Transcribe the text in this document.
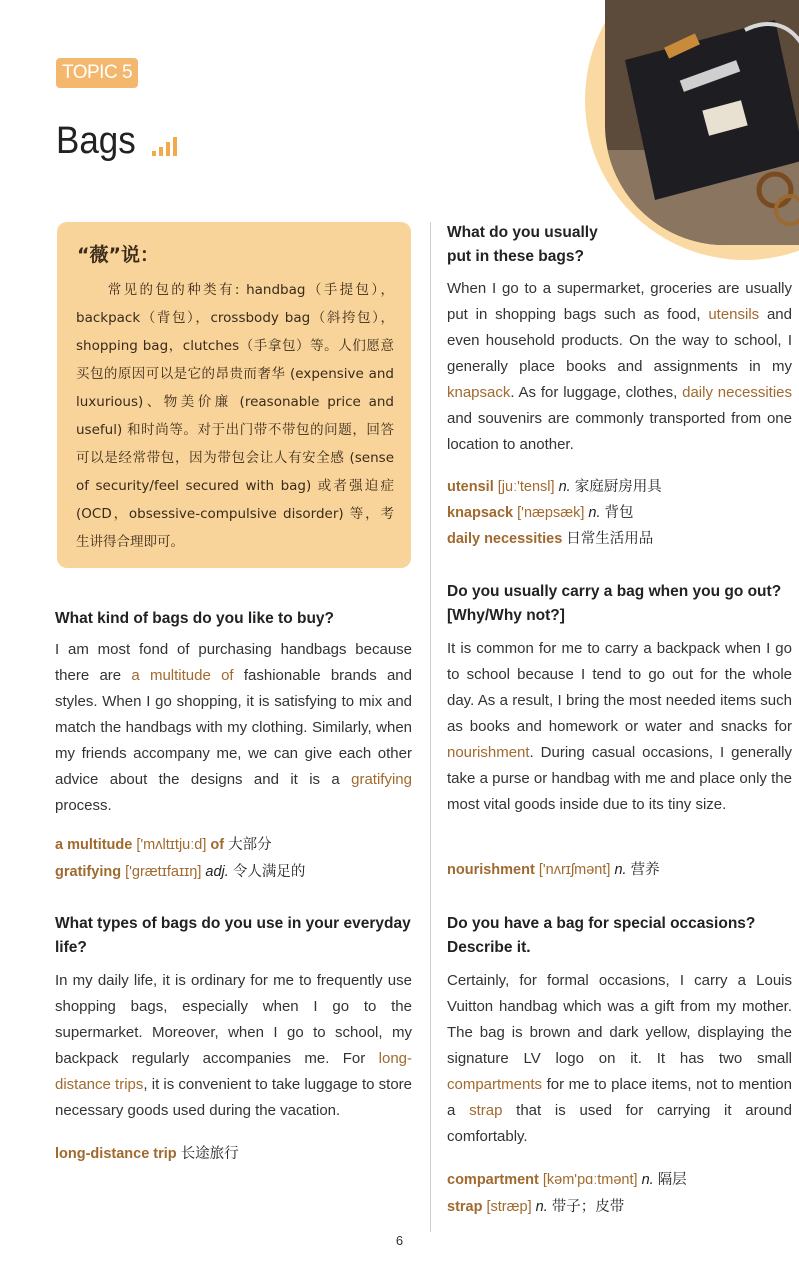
TOPIC 5
Bags
“薇”说：
　　常见的包的种类有: handbag（手提包），backpack（背包），crossbody bag（斜挎包），shopping bag，clutches（手拿包）等。人们愿意买包的原因可以是它的昂贵而奢华 (expensive and luxurious)、物美价廉 (reasonable price and useful) 和时尚等。对于出门带不带包的问题，回答可以是经常带包，因为带包会让人有安全感 (sense of security/feel secured with bag) 或者强迫症 (OCD，obsessive-compulsive disorder) 等，考生讲得合理即可。
What kind of bags do you like to buy?
I am most fond of purchasing handbags because there are a multitude of fashionable brands and styles. When I go shopping, it is satisfying to mix and match the handbags with my clothing. Similarly, when my friends accompany me, we can give each other advice about the designs and it is a gratifying process.
a multitude ['mʌltɪtjuːd] of 大部分
gratifying ['ɡrætɪfaɪɪŋ] adj. 令人满足的
What types of bags do you use in your everyday life?
In my daily life, it is ordinary for me to frequently use shopping bags, especially when I go to the supermarket. Moreover, when I go to school, my backpack regularly accompanies me. For long-distance trips, it is convenient to take luggage to store necessary goods used during the vacation.
long-distance trip 长途旅行
What do you usually
put in these bags?
When I go to a supermarket, groceries are usually put in shopping bags such as food, utensils and even household products. On the way to school, I generally place books and assignments in my knapsack. As for luggage, clothes, daily necessities and souvenirs are commonly transported from one location to another.
utensil [juː'tensl] n. 家庭厨房用具
knapsack ['næpsæk] n. 背包
daily necessities 日常生活用品
Do you usually carry a bag when you go out? [Why/Why not?]
It is common for me to carry a backpack when I go to school because I tend to go out for the whole day. As a result, I bring the most needed items such as books and homework or water and snacks for nourishment. During casual occasions, I generally take a purse or handbag with me and place only the most vital goods inside due to its tiny size.
nourishment ['nʌrɪʃmənt] n. 营养
Do you have a bag for special occasions? Describe it.
Certainly, for formal occasions, I carry a Louis Vuitton handbag which was a gift from my mother. The bag is brown and dark yellow, displaying the signature LV logo on it. It has two small compartments for me to place items, not to mention a strap that is used for carrying it around comfortably.
compartment [kəm'pɑːtmənt] n. 隔层
strap [stræp] n. 带子；皮带
6
